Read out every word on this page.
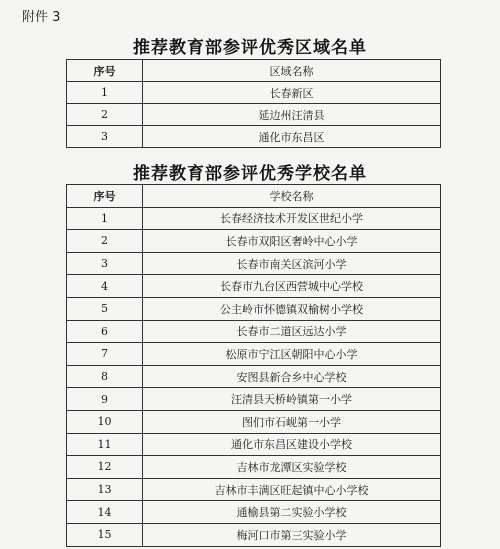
附件 3
推荐教育部参评优秀区域名单
序号	区域名称
1	长春新区
2	延边州汪清县
3	通化市东昌区
推荐教育部参评优秀学校名单
序号	学校名称
1	长春经济技术开发区世纪小学
2	长春市双阳区奢岭中心小学
3	长春市南关区滨河小学
4	长春市九台区西营城中心学校
5	公主岭市怀德镇双榆树小学校
6	长春市二道区远达小学
7	松原市宁江区朝阳中心小学
8	安图县新合乡中心学校
9	汪清县天桥岭镇第一小学
10	图们市石岘第一小学
11	通化市东昌区建设小学校
12	吉林市龙潭区实验学校
13	吉林市丰满区旺起镇中心小学校
14	通榆县第二实验小学校
15	梅河口市第三实验小学
